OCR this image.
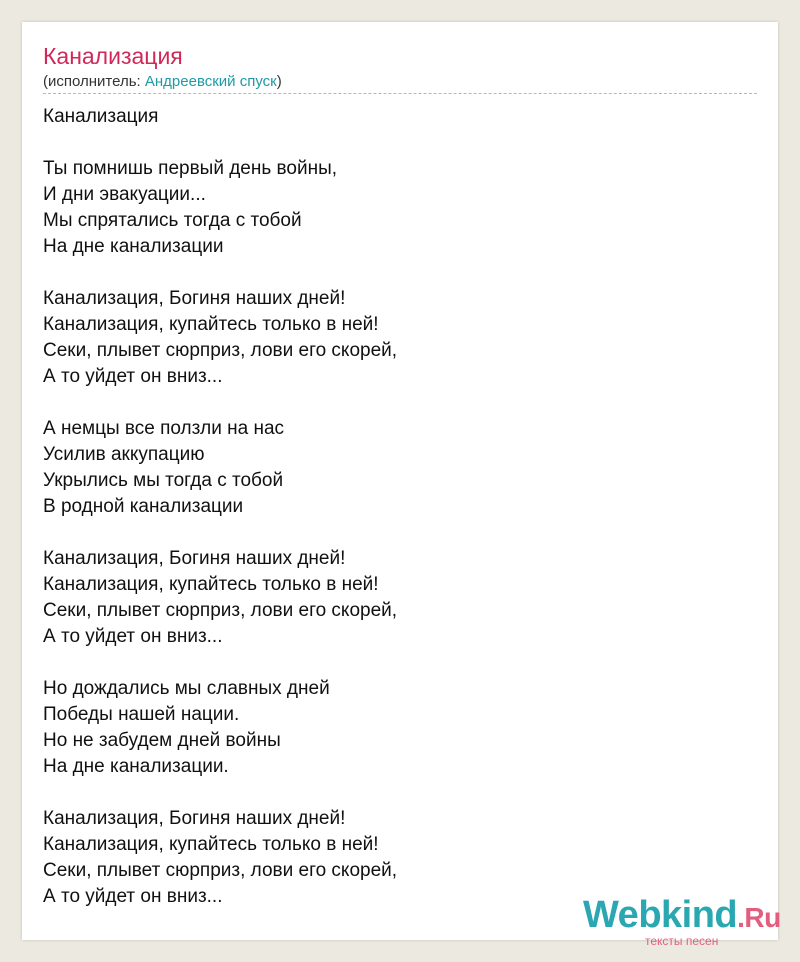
Канализация
(исполнитель: Андреевский спуск)
Канализация
Ты помнишь первый день войны,
И дни эвакуации...
Мы спрятались тогда с тобой
На дне канализации
Канализация, Богиня наших дней!
Канализация, купайтесь только в ней!
Секи, плывет сюрприз, лови его скорей,
А то уйдет он вниз...
А немцы все ползли на нас
Усилив аккупацию
Укрылись мы тогда с тобой
В родной канализации
Канализация, Богиня наших дней!
Канализация, купайтесь только в ней!
Секи, плывет сюрприз, лови его скорей,
А то уйдет он вниз...
Но дождались мы славных дней
Победы нашей нации.
Но не забудем дней войны
На дне канализации.
Канализация, Богиня наших дней!
Канализация, купайтесь только в ней!
Секи, плывет сюрприз, лови его скорей,
А то уйдет он вниз...	Webkind.Ru
тексты песен
